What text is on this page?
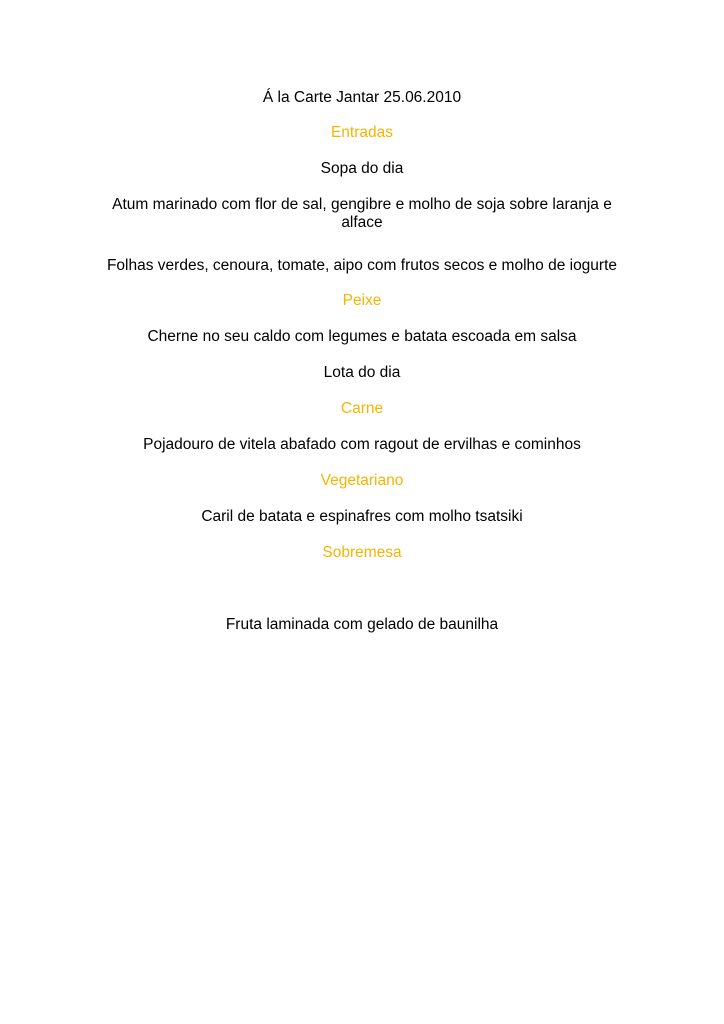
Á la Carte Jantar 25.06.2010
Entradas
Sopa do dia
Atum marinado com flor de sal, gengibre e molho de soja sobre laranja e alface
Folhas verdes, cenoura, tomate, aipo com frutos secos e molho de iogurte
Peixe
Cherne no seu caldo com legumes e batata escoada em salsa
Lota do dia
Carne
Pojadouro de vitela abafado com ragout de ervilhas e cominhos
Vegetariano
Caril de batata e espinafres com molho tsatsiki
Sobremesa
Fruta laminada com gelado de baunilha
